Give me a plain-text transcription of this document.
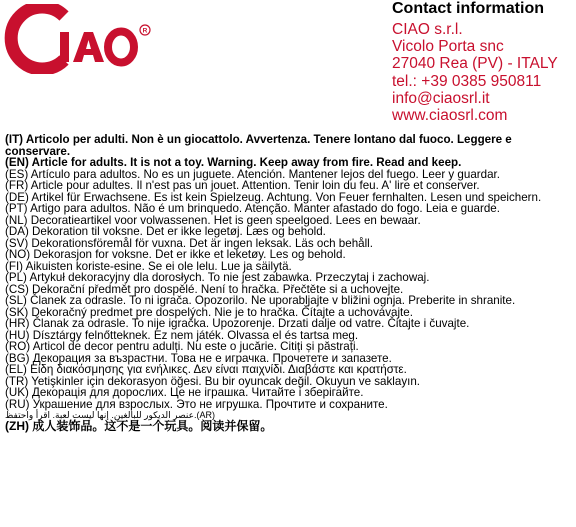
R
Contact information
CIAO s.r.l.
Vicolo Porta snc
27040 Rea (PV) - ITALY
tel.: +39 0385 950811
info@ciaosrl.it
www.ciaosrl.com

(IT) Articolo per adulti. Non è un giocattolo. Avvertenza. Tenere lontano dal fuoco. Leggere e conservare.

(EN) Article for adults. It is not a toy. Warning. Keep away from fire. Read and keep.

(ES) Artículo para adultos. No es un juguete. Atención. Mantener lejos del fuego. Leer y guardar.

(FR) Article pour adultes. Il n'est pas un jouet. Attention. Tenir loin du feu. A' lire et conserver.

(DE) Artikel für Erwachsene. Es ist kein Spielzeug. Achtung. Von Feuer fernhalten. Lesen und speichern.

(PT) Artigo para adultos. Não é um brinquedo. Atenção. Manter afastado do fogo. Leia e guarde.

(NL) Decoratieartikel voor volwassenen. Het is geen speelgoed. Lees en bewaar.

(DA) Dekoration til voksne. Det er ikke legetøj. Læs og behold.

(SV) Dekorationsföremål för vuxna. Det är ingen leksak. Läs och behåll.

(NO) Dekorasjon for voksne. Det er ikke et leketøy. Les og behold.

(FI) Aikuisten koriste-esine. Se ei ole lelu. Lue ja säilytä.

(PL) Artykuł dekoracyjny dla dorosłych. To nie jest zabawka. Przeczytaj i zachowaj.

(CS) Dekorační předmět pro dospělé. Není to hračka. Přečtěte si a uchovejte.

(SL) Članek za odrasle. To ni igrača. Opozorilo. Ne uporabljajte v bližini ognja. Preberite in shranite.

(SK) Dekoračný predmet pre dospelých. Nie je to hračka. Čítajte a uchovávajte.

(HR) Članak za odrasle. To nije igračka. Upozorenje. Drzati dalje od vatre. Čitajte i čuvajte.

(HU) Dísztárgy felnőtteknek. Ez nem játék. Olvassa el és tartsa meg.

(RO) Articol de decor pentru adulți. Nu este o jucărie. Citiți și păstrați.

(BG) Декорация за възрастни. Това не е играчка. Прочетете и запазете.

(EL) Είδη διακόσμησης για ενήλικες. Δεν είναι παιχνίδι. Διαβάστε και κρατήστε.

(TR) Yetişkinler için dekorasyon öğesi. Bu bir oyuncak değil. Okuyun ve saklayın.

(UK) Декорація для дорослих. Це не іграшка. Читайте і зберігайте.

(RU) Украшение для взрослых. Это не игрушка. Прочтите и сохраните.

عنصر الديكور للبالغين. إنها ليست لعبة. اقرأ واحتفظ.(AR)

(ZH) 成人装饰品。这不是一个玩具。阅读并保留。
